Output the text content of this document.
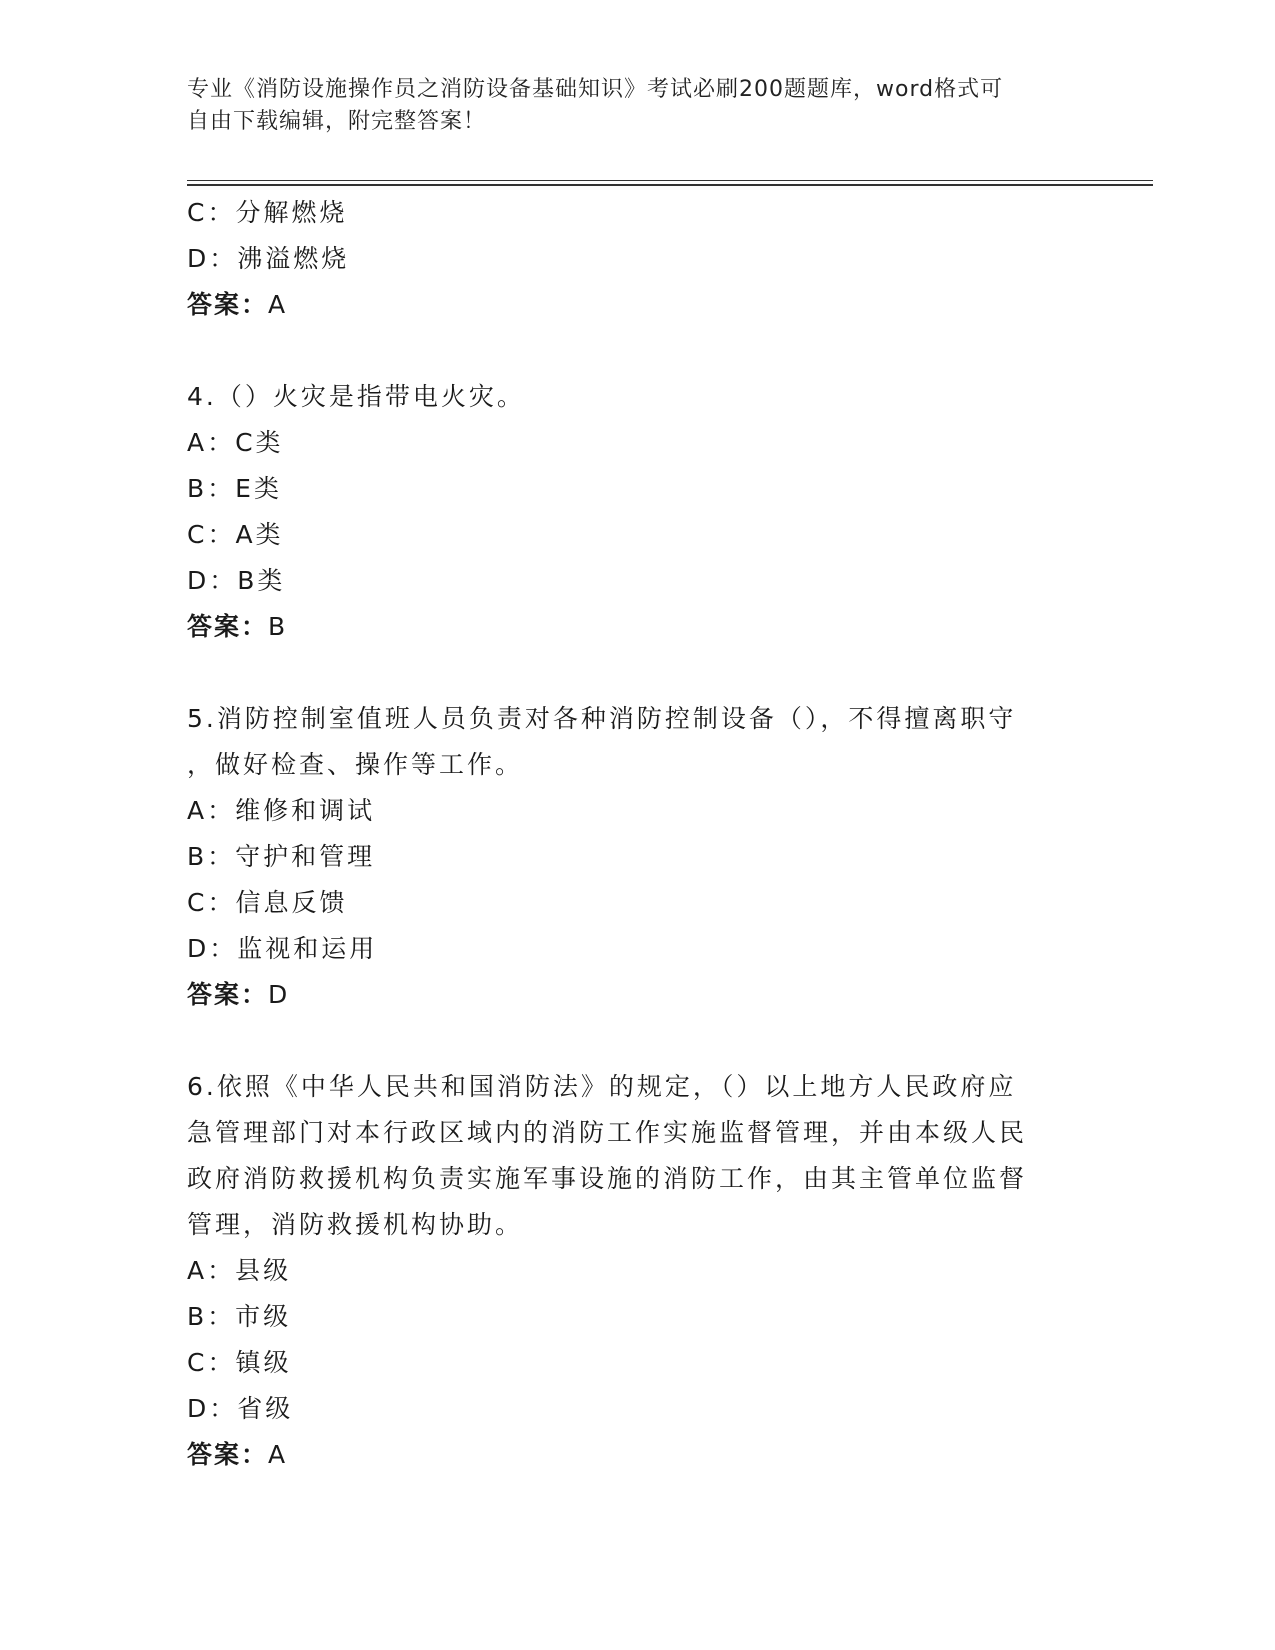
专业《消防设施操作员之消防设备基础知识》考试必刷200题题库，word格式可
自由下载编辑，附完整答案！
C：分解燃烧
D：沸溢燃烧
答案：A
4.（）火灾是指带电火灾。
A：C类
B：E类
C：A类
D：B类
答案：B
5.消防控制室值班人员负责对各种消防控制设备（），不得擅离职守
，做好检查、操作等工作。
A：维修和调试
B：守护和管理
C：信息反馈
D：监视和运用
答案：D
6.依照《中华人民共和国消防法》的规定，（）以上地方人民政府应
急管理部门对本行政区域内的消防工作实施监督管理，并由本级人民
政府消防救援机构负责实施军事设施的消防工作，由其主管单位监督
管理，消防救援机构协助。
A：县级
B：市级
C：镇级
D：省级
答案：A
